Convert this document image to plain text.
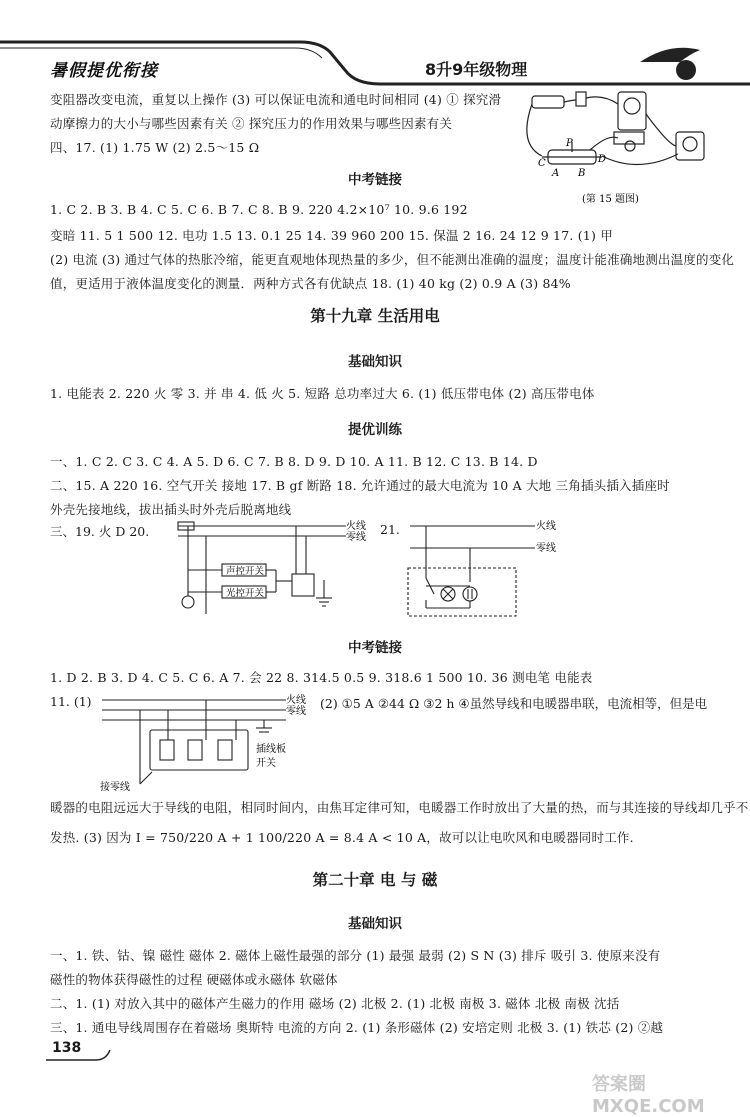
暑假提优衔接	8升9年级物理
变阻器改变电流，重复以上操作 (3) 可以保证电流和通电时间相同 (4) ① 探究滑
动摩擦力的大小与哪些因素有关 ② 探究压力的作用效果与哪些因素有关
四、17. (1) 1.75 W (2) 2.5～15 Ω	P
C	D
A B
(第 15 题图)
中考链接
1. C 2. B 3. B 4. C 5. C 6. B 7. C 8. B 9. 220 4.2×10⁷ 10. 9.6 192
变暗 11. 5 1 500 12. 电功 1.5 13. 0.1 25 14. 39 960 200 15. 保温 2 16. 24 12 9 17. (1) 甲
(2) 电流 (3) 通过气体的热胀冷缩，能更直观地体现热量的多少，但不能测出准确的温度；温度计能准确地测出温度的变化
值，更适用于液体温度变化的测量．两种方式各有优缺点 18. (1) 40 kg (2) 0.9 A (3) 84%
第十九章 生活用电
基础知识
1. 电能表 2. 220 火 零 3. 并 串 4. 低 火 5. 短路 总功率过大 6. (1) 低压带电体 (2) 高压带电体
提优训练
一、1. C 2. C 3. C 4. A 5. D 6. C 7. B 8. D 9. D 10. A 11. B 12. C 13. B 14. D
二、15. A 220 16. 空气开关 接地 17. B gf 断路 18. 允许通过的最大电流为 10 A 大地 三角插头插入插座时
外壳先接地线，拔出插头时外壳后脱离地线
三、19. 火 D 20.	火线
零线
声控开关
光控开关
21.	火线
零线
中考链接
1. D 2. B 3. D 4. C 5. C 6. A 7. 会 22 8. 314.5 0.5 9. 318.6 1 500 10. 36 测电笔 电能表
11. (1)	火线
零线
插线板
开关
接零线
(2) ①5 A ②44 Ω ③2 h ④虽然导线和电暖器串联，电流相等，但是电
暖器的电阻远远大于导线的电阻，相同时间内，由焦耳定律可知，电暖器工作时放出了大量的热，而与其连接的导线却几乎不
发热. (3) 因为 I = 750/220 A + 1 100/220 A = 8.4 A < 10 A，故可以让电吹风和电暖器同时工作.
第二十章 电 与 磁
基础知识
一、1. 铁、钴、镍 磁性 磁体 2. 磁体上磁性最强的部分 (1) 最强 最弱 (2) S N (3) 排斥 吸引 3. 使原来没有
磁性的物体获得磁性的过程 硬磁体或永磁体 软磁体
二、1. (1) 对放入其中的磁体产生磁力的作用 磁场 (2) 北极 2. (1) 北极 南极 3. 磁体 北极 南极 沈括
三、1. 通电导线周围存在着磁场 奥斯特 电流的方向 2. (1) 条形磁体 (2) 安培定则 北极 3. (1) 铁芯 (2) ②越
138
答案圈 MXQE.COM
